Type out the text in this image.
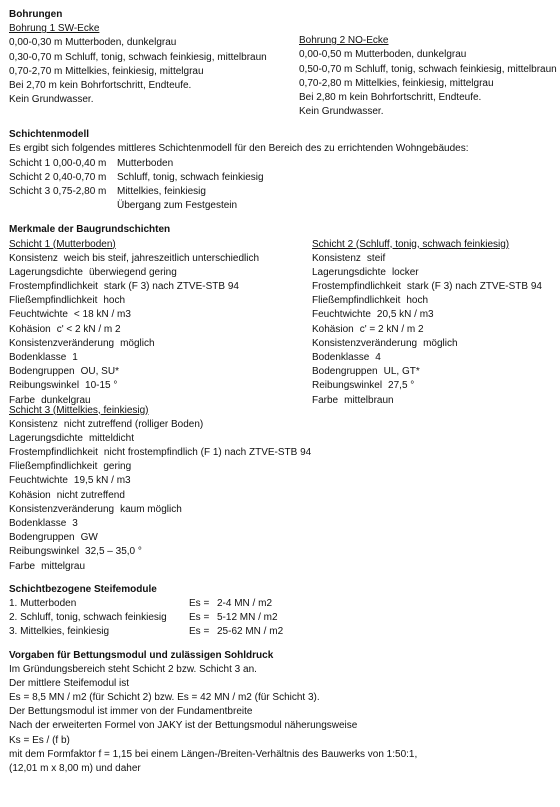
Bohrungen
Bohrung 1 SW-Ecke
0,00-0,30 m Mutterboden, dunkelgrau
0,30-0,70 m Schluff, tonig, schwach feinkiesig, mittelbraun
0,70-2,70 m Mittelkies, feinkiesig, mittelgrau
Bei 2,70 m kein Bohrfortschritt, Endteufe.
Kein Grundwasser.
Bohrung 2 NO-Ecke
0,00-0,50 m Mutterboden, dunkelgrau
0,50-0,70 m Schluff, tonig, schwach feinkiesig, mittelbraun
0,70-2,80 m Mittelkies, feinkiesig, mittelgrau
Bei 2,80 m kein Bohrfortschritt, Endteufe.
Kein Grundwasser.
Schichtenmodell
Es ergibt sich folgendes mittleres Schichtenmodell für den Bereich des zu errichtenden Wohngebäudes:
Schicht 1 0,00-0,40 m Mutterboden
Schicht 2 0,40-0,70 m Schluff, tonig, schwach feinkiesig
Schicht 3 0,75-2,80 m Mittelkies, feinkiesig
Übergang zum Festgestein
Merkmale der Baugrundschichten
Schicht 1 (Mutterboden)
Konsistenz weich bis steif, jahreszeitlich unterschiedlich
Lagerungsdichte überwiegend gering
Frostempfindlichkeit stark (F 3) nach ZTVE-STB 94
Fließempfindlichkeit hoch
Feuchtwichte < 18 kN / m3
Kohäsion c' < 2 kN / m 2
Konsistenzveränderung möglich
Bodenklasse 1
Bodengruppen OU, SU*
Reibungswinkel 10-15 °
Farbe dunkelgrau
Schicht 2 (Schluff, tonig, schwach feinkiesig)
Konsistenz steif
Lagerungsdichte locker
Frostempfindlichkeit stark (F 3) nach ZTVE-STB 94
Fließempfindlichkeit hoch
Feuchtwichte 20,5 kN / m3
Kohäsion c' = 2 kN / m 2
Konsistenzveränderung möglich
Bodenklasse 4
Bodengruppen UL, GT*
Reibungswinkel 27,5 °
Farbe mittelbraun
Schicht 3 (Mittelkies, feinkiesig)
Konsistenz nicht zutreffend (rolliger Boden)
Lagerungsdichte mitteldicht
Frostempfindlichkeit nicht frostempfindlich (F 1) nach ZTVE-STB 94
Fließempfindlichkeit gering
Feuchtwichte 19,5 kN / m3
Kohäsion nicht zutreffend
Konsistenzveränderung kaum möglich
Bodenklasse 3
Bodengruppen GW
Reibungswinkel 32,5 – 35,0 °
Farbe mittelgrau
Schichtbezogene Steifemodule
1. Mutterboden	Es = 2-4 MN / m2
2. Schluff, tonig, schwach feinkiesig Es = 5-12 MN / m2
3. Mittelkies, feinkiesig	Es = 25-62 MN / m2
Vorgaben für Bettungsmodul und zulässigen Sohldruck
Im Gründungsbereich steht Schicht 2 bzw. Schicht 3 an.
Der mittlere Steifemodul ist
Es = 8,5 MN / m2 (für Schicht 2) bzw. Es = 42 MN / m2 (für Schicht 3).
Der Bettungsmodul ist immer von der Fundamentbreite
Nach der erweiterten Formel von JAKY ist der Bettungsmodul näherungsweise
Ks = Es / (f b)
mit dem Formfaktor f = 1,15 bei einem Längen-/Breiten-Verhältnis des Bauwerks von 1:50:1,
(12,01 m x 8,00 m) und daher
